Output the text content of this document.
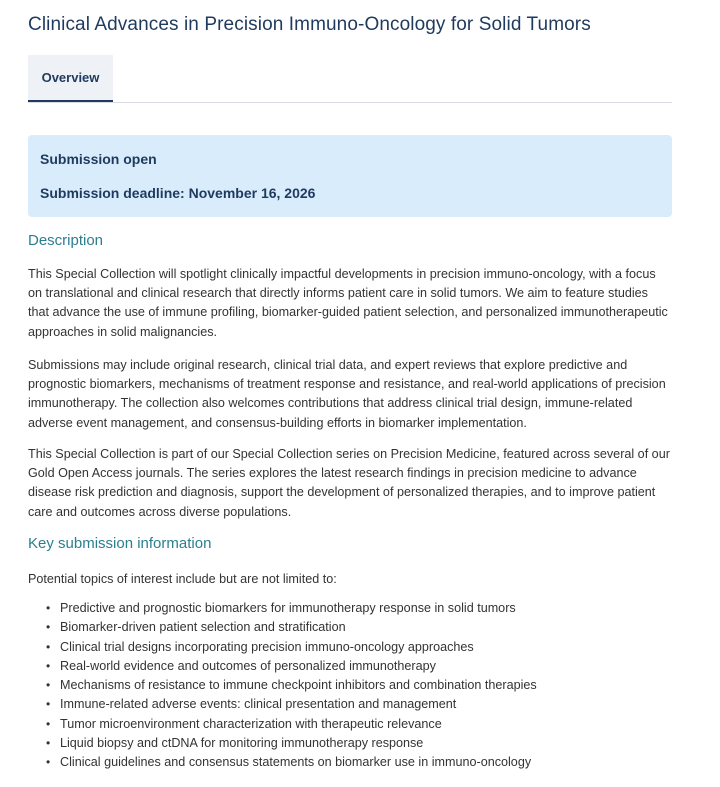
Clinical Advances in Precision Immuno-Oncology for Solid Tumors
Overview
Submission open
Submission deadline: November 16, 2026
Description

This Special Collection will spotlight clinically impactful developments in precision immuno-oncology, with a focus on translational and clinical research that directly informs patient care in solid tumors. We aim to feature studies that advance the use of immune profiling, biomarker-guided patient selection, and personalized immunotherapeutic approaches in solid malignancies.

Submissions may include original research, clinical trial data, and expert reviews that explore predictive and prognostic biomarkers, mechanisms of treatment response and resistance, and real-world applications of precision immunotherapy. The collection also welcomes contributions that address clinical trial design, immune-related adverse event management, and consensus-building efforts in biomarker implementation.

This Special Collection is part of our Special Collection series on Precision Medicine, featured across several of our Gold Open Access journals. The series explores the latest research findings in precision medicine to advance disease risk prediction and diagnosis, support the development of personalized therapies, and to improve patient care and outcomes across diverse populations.

Key submission information

Potential topics of interest include but are not limited to:

• Predictive and prognostic biomarkers for immunotherapy response in solid tumors
• Biomarker-driven patient selection and stratification
• Clinical trial designs incorporating precision immuno-oncology approaches
• Real-world evidence and outcomes of personalized immunotherapy
• Mechanisms of resistance to immune checkpoint inhibitors and combination therapies
• Immune-related adverse events: clinical presentation and management
• Tumor microenvironment characterization with therapeutic relevance
• Liquid biopsy and ctDNA for monitoring immunotherapy response
• Clinical guidelines and consensus statements on biomarker use in immuno-oncology
